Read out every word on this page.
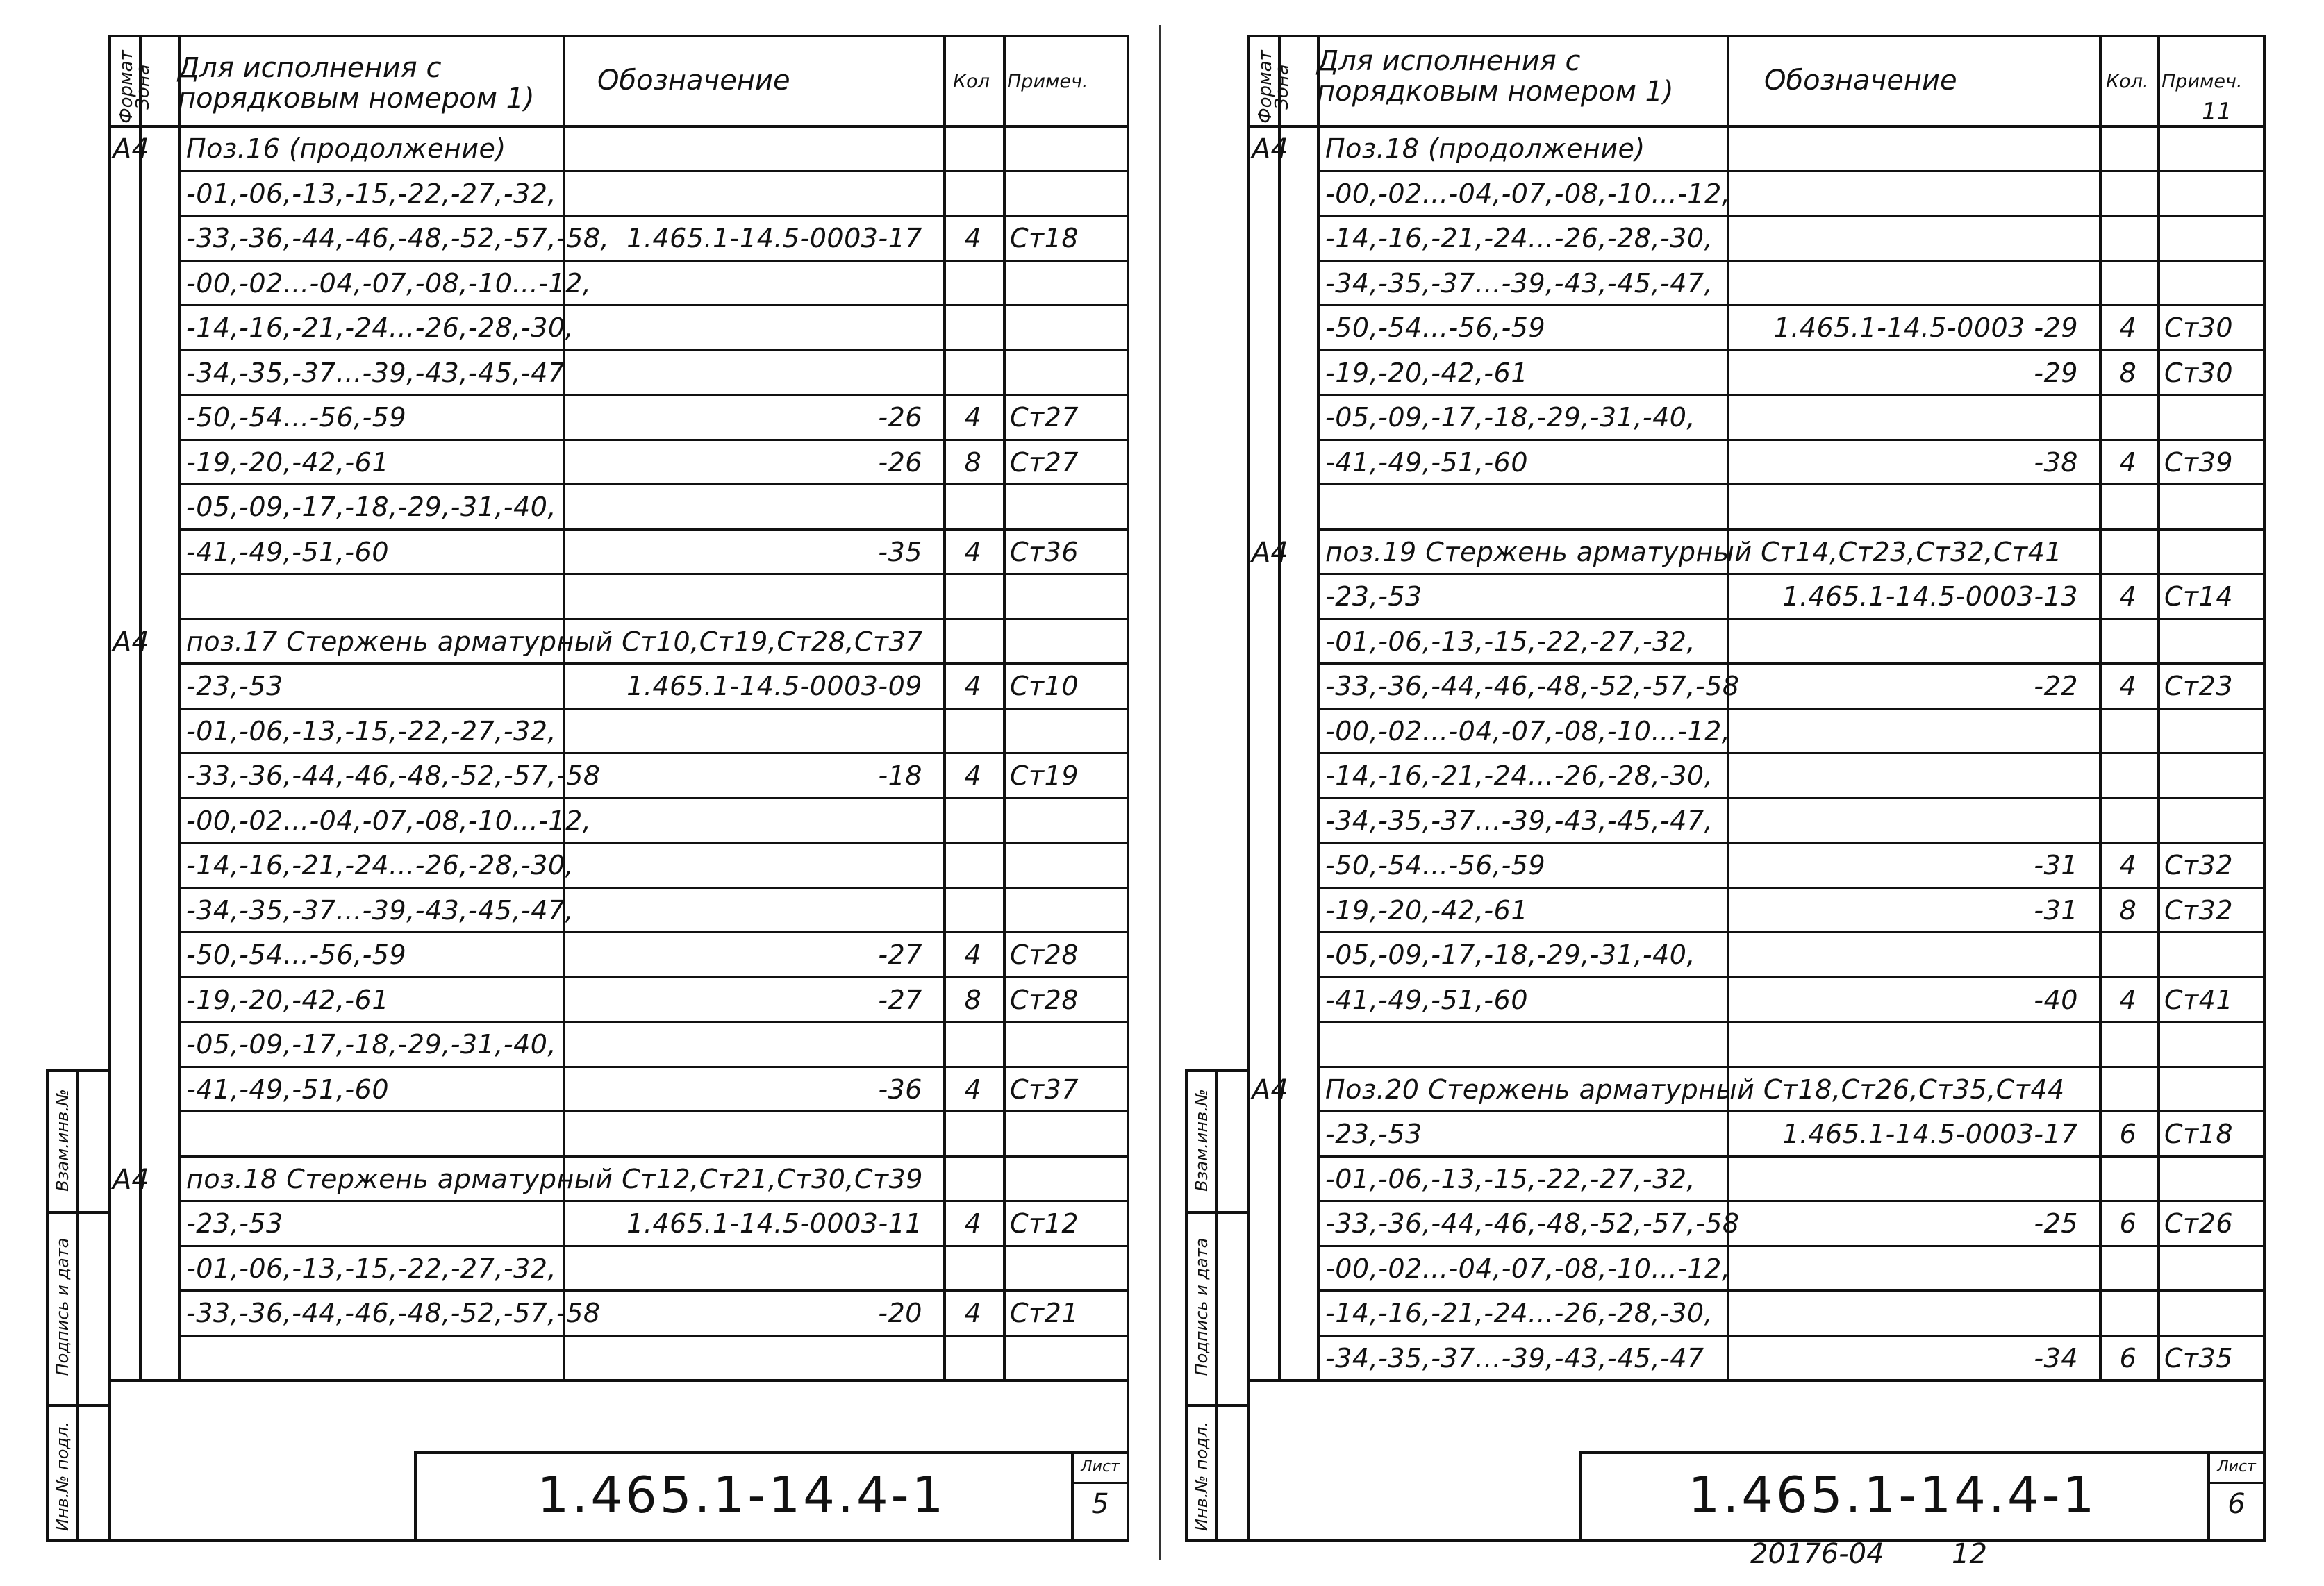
Формат
Зона Для исполнения с порядковым номером 1)
Обозначение	Кол Примеч.
A4 Поз.16 (продолжение)
-01,-06,-13,-15,-22,-27,-32,
-33,-36,-44,-46,-48,-52,-57,-58, 1.465.1-14.5-0003-17	4	Ст18
-00,-02...-04,-07,-08,-10...-12,
-14,-16,-21,-24...-26,-28,-30,
-34,-35,-37...-39,-43,-45,-47
-50,-54...-56,-59	-26	4	Ст27
-19,-20,-42,-61	-26	8	Ст27
-05,-09,-17,-18,-29,-31,-40,
-41,-49,-51,-60	-35	4	Ст36
A4 поз.17 Стержень арматурный Ст10,Ст19,Ст28,Ст37
-23,-53	1.465.1-14.5-0003-09	4	Ст10
-01,-06,-13,-15,-22,-27,-32,
-33,-36,-44,-46,-48,-52,-57,-58	-18	4	Ст19
-00,-02...-04,-07,-08,-10...-12,
-14,-16,-21,-24...-26,-28,-30,
-34,-35,-37...-39,-43,-45,-47,
-50,-54...-56,-59	-27	4	Ст28
-19,-20,-42,-61	-27	8	Ст28
-05,-09,-17,-18,-29,-31,-40,
-41,-49,-51,-60	-36	4	Ст37
A4 поз.18 Стержень арматурный Ст12,Ст21,Ст30,Ст39
-23,-53	1.465.1-14.5-0003-11	4	Ст12
-01,-06,-13,-15,-22,-27,-32,
-33,-36,-44,-46,-48,-52,-57,-58	-20	4	Ст21
1.465.1-14.4-1	Лист
5
Взам.инв.№
Подпись и дата
Инв.№ подл.
Формат
Зона
Для исполнения с порядковым номером 1)	Обозначение	Кол. Примеч.
11
A4 Поз.18 (продолжение)
-00,-02...-04,-07,-08,-10...-12,
-14,-16,-21,-24...-26,-28,-30,
-34,-35,-37...-39,-43,-45,-47,
-50,-54...-56,-59	1.465.1-14.5-0003 -29	4	Ст30
-19,-20,-42,-61	-29	8	Ст30
-05,-09,-17,-18,-29,-31,-40,
-41,-49,-51,-60	-38	4	Ст39
A4 поз.19 Стержень арматурный Ст14,Ст23,Ст32,Ст41
-23,-53	1.465.1-14.5-0003-13	4	Ст14
-01,-06,-13,-15,-22,-27,-32,
-33,-36,-44,-46,-48,-52,-57,-58	-22	4	Ст23
-00,-02...-04,-07,-08,-10...-12,
-14,-16,-21,-24...-26,-28,-30,
-34,-35,-37...-39,-43,-45,-47,
-50,-54...-56,-59	-31	4	Ст32
-19,-20,-42,-61	-31	8	Ст32
-05,-09,-17,-18,-29,-31,-40,
-41,-49,-51,-60	-40	4	Ст41
A4 Поз.20 Стержень арматурный Ст18,Ст26,Ст35,Ст44
-23,-53	1.465.1-14.5-0003-17	6	Ст18
-01,-06,-13,-15,-22,-27,-32,
-33,-36,-44,-46,-48,-52,-57,-58	-25	6	Ст26
-00,-02...-04,-07,-08,-10...-12,
-14,-16,-21,-24...-26,-28,-30,
-34,-35,-37...-39,-43,-45,-47	-34	6	Ст35
1.465.1-14.4-1	Лист
6
Взам.инв.№
Подпись и дата
Инв.№ подл.
20176-04 12
